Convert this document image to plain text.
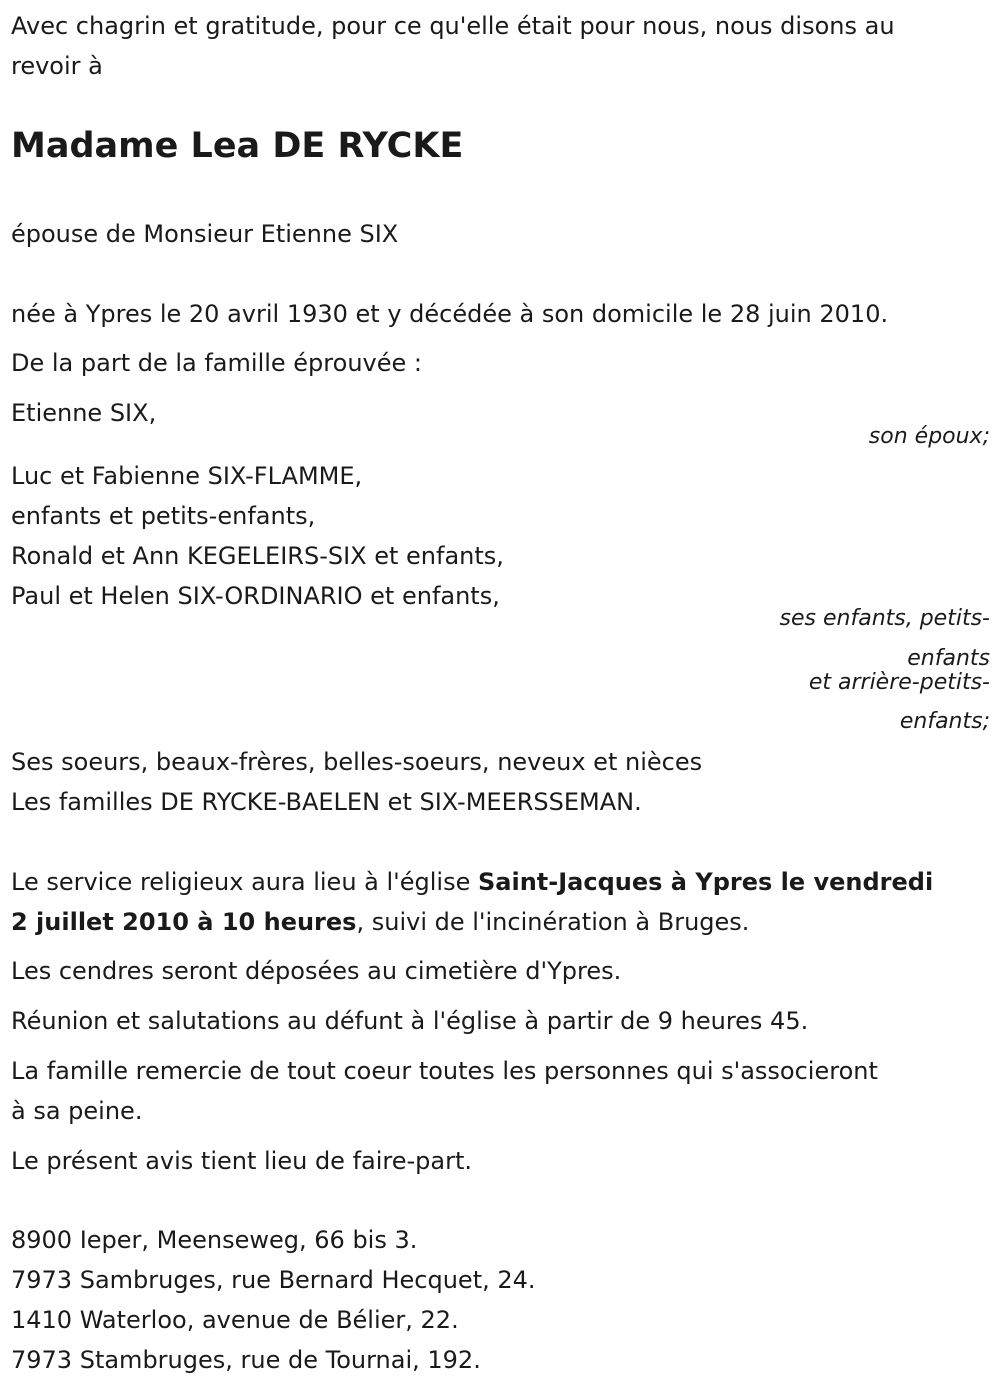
Avec chagrin et gratitude, pour ce qu'elle était pour nous, nous disons au
revoir à
Madame Lea DE RYCKE
épouse de Monsieur Etienne SIX
née à Ypres le 20 avril 1930 et y décédée à son domicile le 28 juin 2010.
De la part de la famille éprouvée :
Etienne SIX,
son époux;
Luc et Fabienne SIX-FLAMME,
enfants et petits-enfants,
Ronald et Ann KEGELEIRS-SIX et enfants,
Paul et Helen SIX-ORDINARIO et enfants,
ses enfants, petits-
enfants
et arrière-petits-
enfants;
Ses soeurs, beaux-frères, belles-soeurs, neveux et nièces
Les familles DE RYCKE-BAELEN et SIX-MEERSSEMAN.
Le service religieux aura lieu à l'église Saint-Jacques à Ypres le vendredi
2 juillet 2010 à 10 heures, suivi de l'incinération à Bruges.
Les cendres seront déposées au cimetière d'Ypres.
Réunion et salutations au défunt à l'église à partir de 9 heures 45.
La famille remercie de tout coeur toutes les personnes qui s'associeront
à sa peine.
Le présent avis tient lieu de faire-part.
8900 Ieper, Meenseweg, 66 bis 3.
7973 Sambruges, rue Bernard Hecquet, 24.
1410 Waterloo, avenue de Bélier, 22.
7973 Stambruges, rue de Tournai, 192.
